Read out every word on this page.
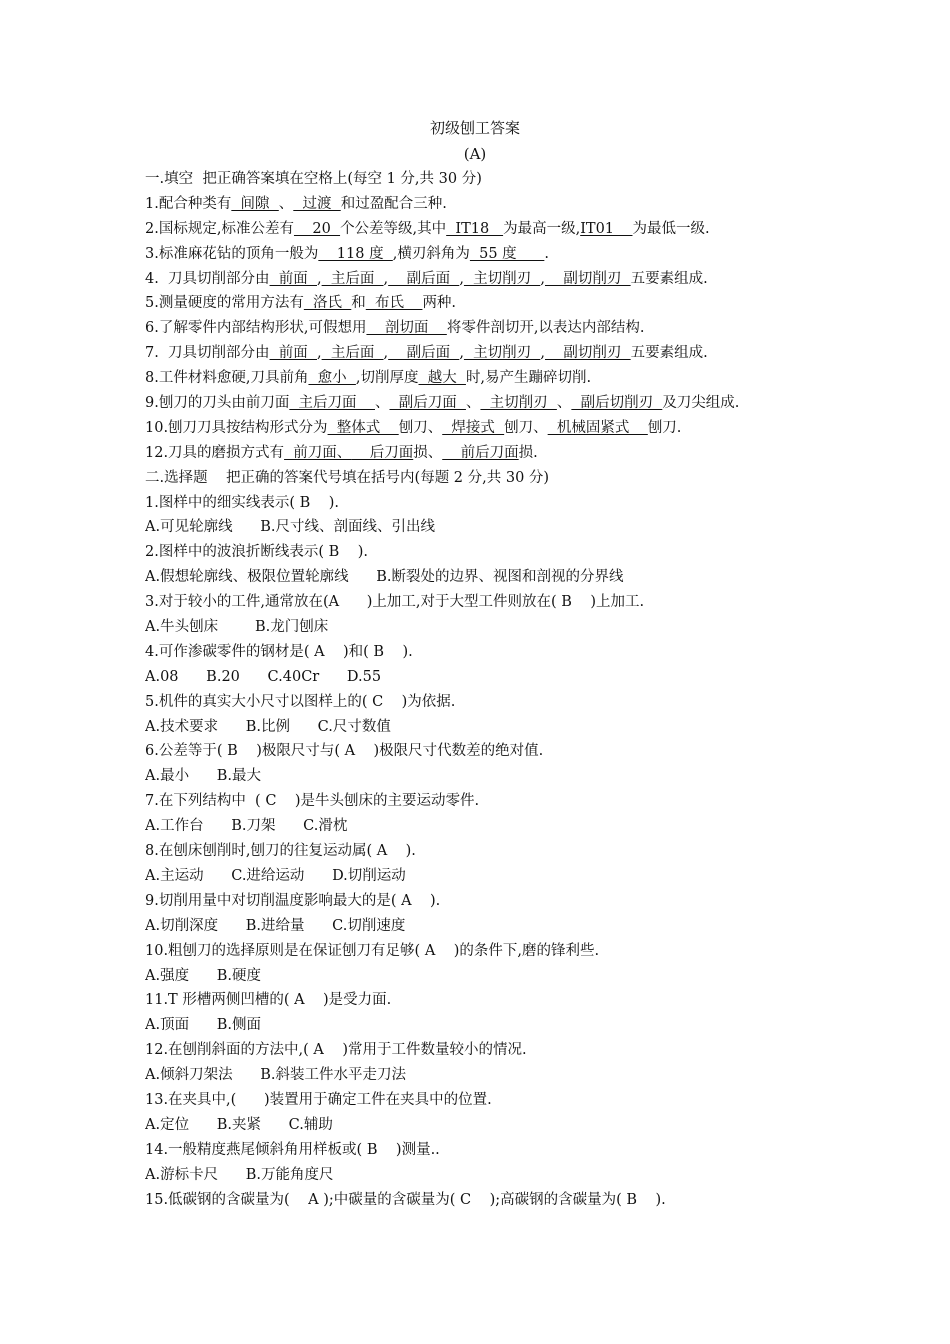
初级刨工答案
(A)
一.填空  把正确答案填在空格上(每空 1 分,共 30 分)
1.配合种类有  间隙  、  过渡  和过盈配合三种.
2.国标规定,标准公差有    20  个公差等级,其中  IT18   为最高一级,IT01    为最低一级.
3.标准麻花钻的顶角一般为    118 度  ,横刃斜角为  55 度      .
4.  刀具切削部分由  前面  ,  主后面  ,    副后面  ,  主切削刃  ,    副切削刃  五要素组成.
5.测量硬度的常用方法有  洛氏  和  布氏    两种.
6.了解零件内部结构形状,可假想用    剖切面    将零件剖切开,以表达内部结构.
7.  刀具切削部分由  前面  ,  主后面  ,    副后面  ,  主切削刃  ,    副切削刃  五要素组成.
8.工件材料愈硬,刀具前角  愈小  ,切削厚度  越大  时,易产生蹦碎切削.
9.刨刀的刀头由前刀面  主后刀面    、  副后刀面  、  主切削刃  、  副后切削刃  及刀尖组成.
10.刨刀刀具按结构形式分为  整体式    刨刀、  焊接式  刨刀、  机械固紧式    刨刀.
12.刀具的磨损方式有  前刀面、    后刀面损、    前后刀面损.
二.选择题    把正确的答案代号填在括号内(每题 2 分,共 30 分)
1.图样中的细实线表示( B    ).
A.可见轮廓线      B.尺寸线、剖面线、引出线
2.图样中的波浪折断线表示( B    ).
A.假想轮廓线、极限位置轮廓线      B.断裂处的边界、视图和剖视的分界线
3.对于较小的工件,通常放在(A      )上加工,对于大型工件则放在( B    )上加工.
A.牛头刨床        B.龙门刨床
4.可作渗碳零件的钢材是( A    )和( B    ).
A.08      B.20      C.40Cr      D.55
5.机件的真实大小尺寸以图样上的( C    )为依据.
A.技术要求      B.比例      C.尺寸数值
6.公差等于( B    )极限尺寸与( A    )极限尺寸代数差的绝对值.
A.最小      B.最大
7.在下列结构中  ( C    )是牛头刨床的主要运动零件.
A.工作台      B.刀架      C.滑枕
8.在刨床刨削时,刨刀的往复运动属( A    ).
A.主运动      C.进给运动      D.切削运动
9.切削用量中对切削温度影响最大的是( A    ).
A.切削深度      B.进给量      C.切削速度
10.粗刨刀的选择原则是在保证刨刀有足够( A    )的条件下,磨的锋利些.
A.强度      B.硬度
11.T 形槽两侧凹槽的( A    )是受力面.
A.顶面      B.侧面
12.在刨削斜面的方法中,( A    )常用于工件数量较小的情况.
A.倾斜刀架法      B.斜装工件水平走刀法
13.在夹具中,(      )装置用于确定工件在夹具中的位置.
A.定位      B.夹紧      C.辅助
14.一般精度燕尾倾斜角用样板或( B    )测量..
A.游标卡尺      B.万能角度尺
15.低碳钢的含碳量为(    A );中碳量的含碳量为( C    );高碳钢的含碳量为( B    ).
